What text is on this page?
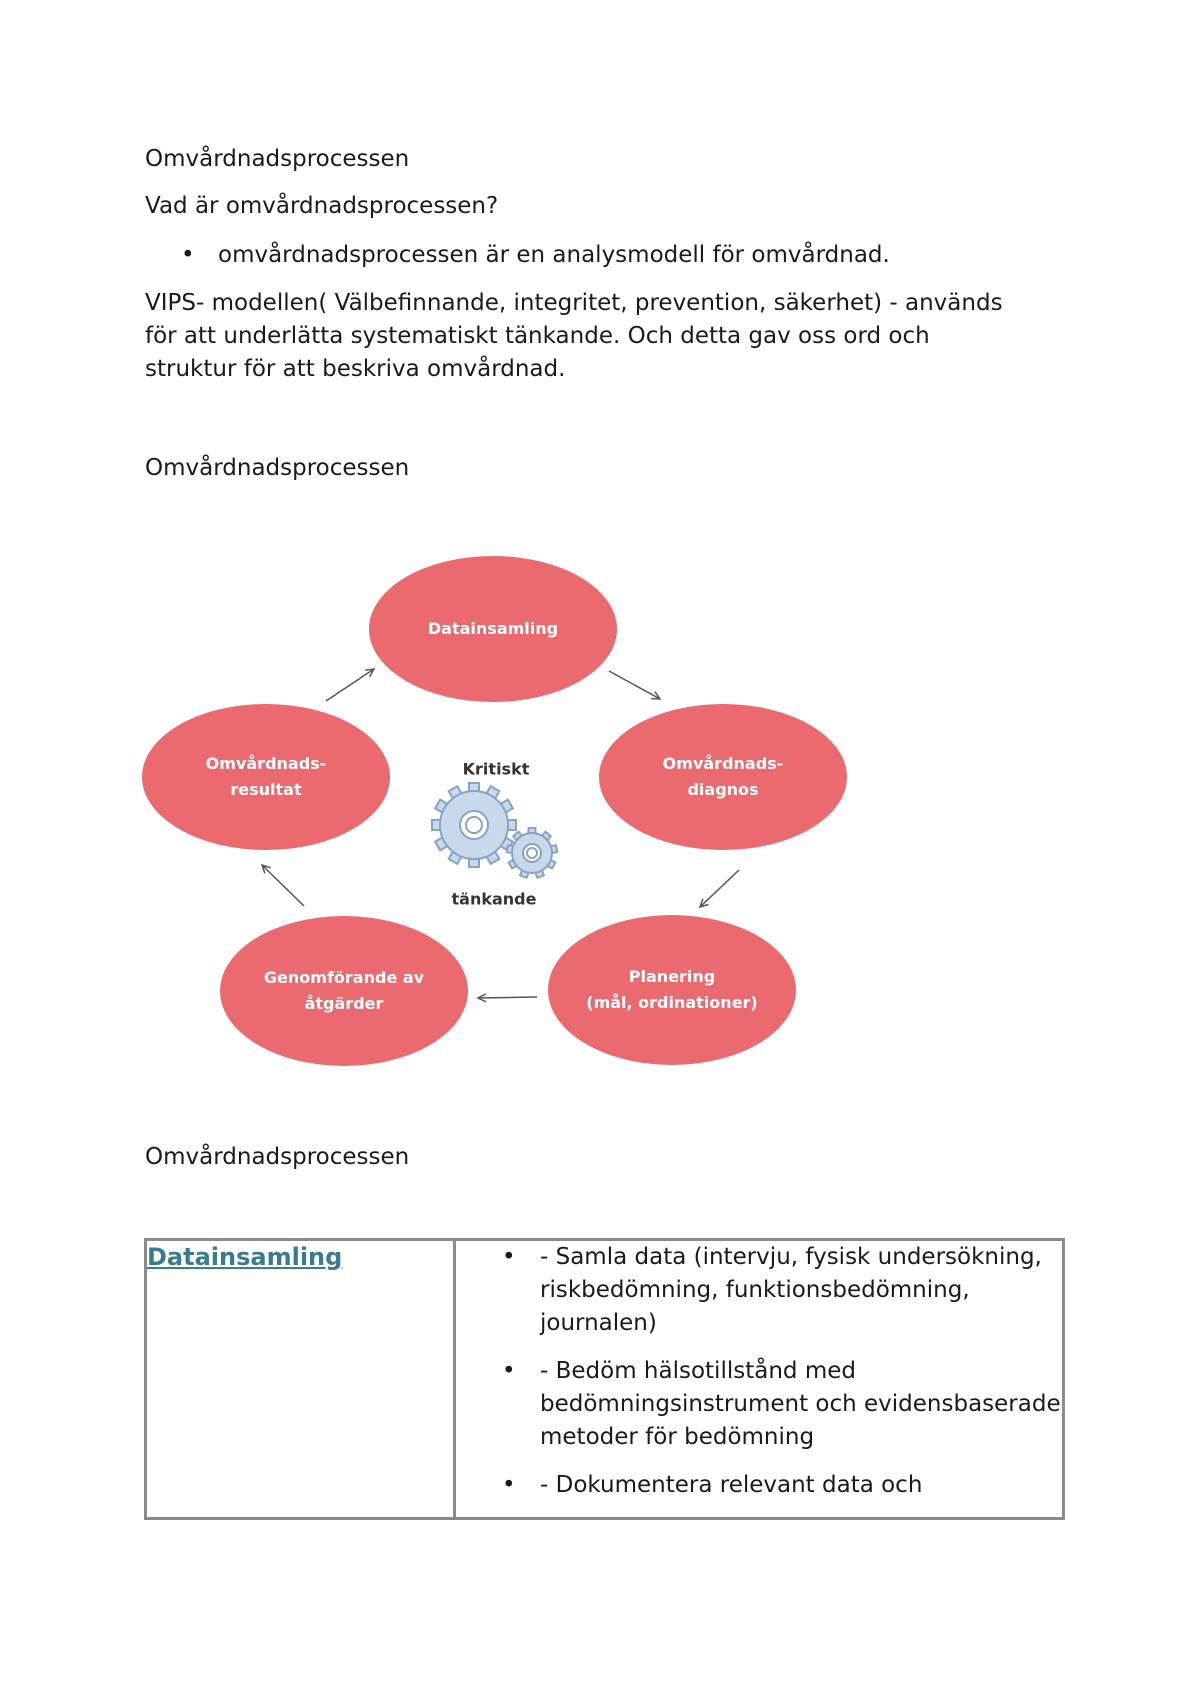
Omvårdnadsprocessen

Vad är omvårdnadsprocessen?

• omvårdnadsprocessen är en analysmodell för omvårdnad.
VIPS- modellen( Välbefinnande, integritet, prevention, säkerhet) - används
för att underlätta systematiskt tänkande. Och detta gav oss ord och
struktur för att beskriva omvårdnad.

Omvårdnadsprocessen

Datainsamling
Omvårdnads-
diagnos
Planering
(mål, ordinationer)
Genomförande av
åtgärder
Omvårdnads-
resultat
Kritiskt
tänkande

Omvårdnadsprocessen

Datainsamling	• - Samla data (intervju, fysisk undersökning, riskbedömning, funktionsbedömning, journalen)
• - Bedöm hälsotillstånd med bedömningsinstrument och evidensbaserade metoder för bedömning
• - Dokumentera relevant data och
